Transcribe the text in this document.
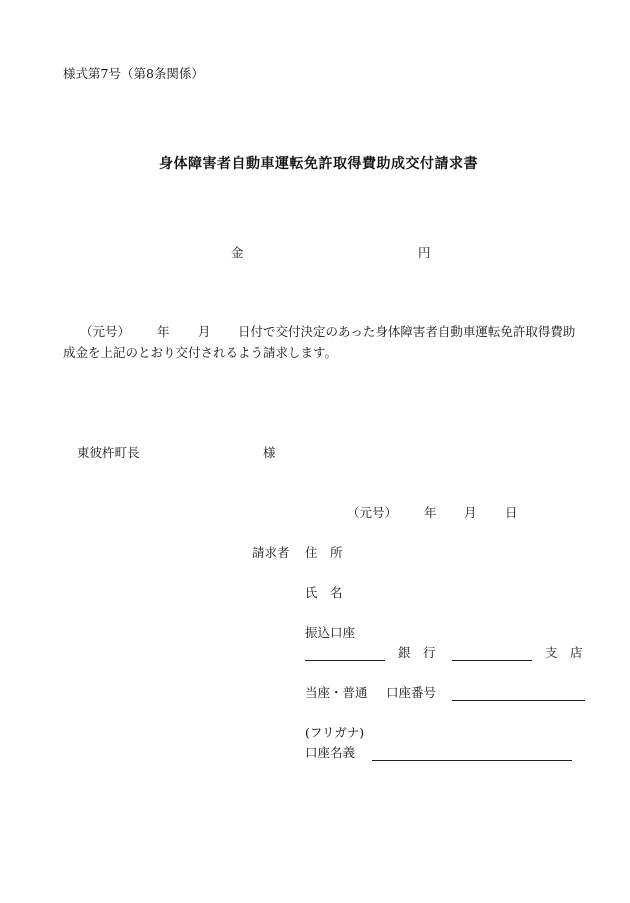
様式第7号（第8条関係）
身体障害者自動車運転免許取得費助成交付請求書
金	円
（元号） 年 月 日付で交付決定のあった身体障害者自動車運転免許取得費助
成金を上記のとおり交付されるよう請求します。
東彼杵町長	様
（元号） 年 月 日
請求者 住　所
氏　名
振込口座
銀　行	支　店
当座・普通 口座番号
(フリガナ)
口座名義
